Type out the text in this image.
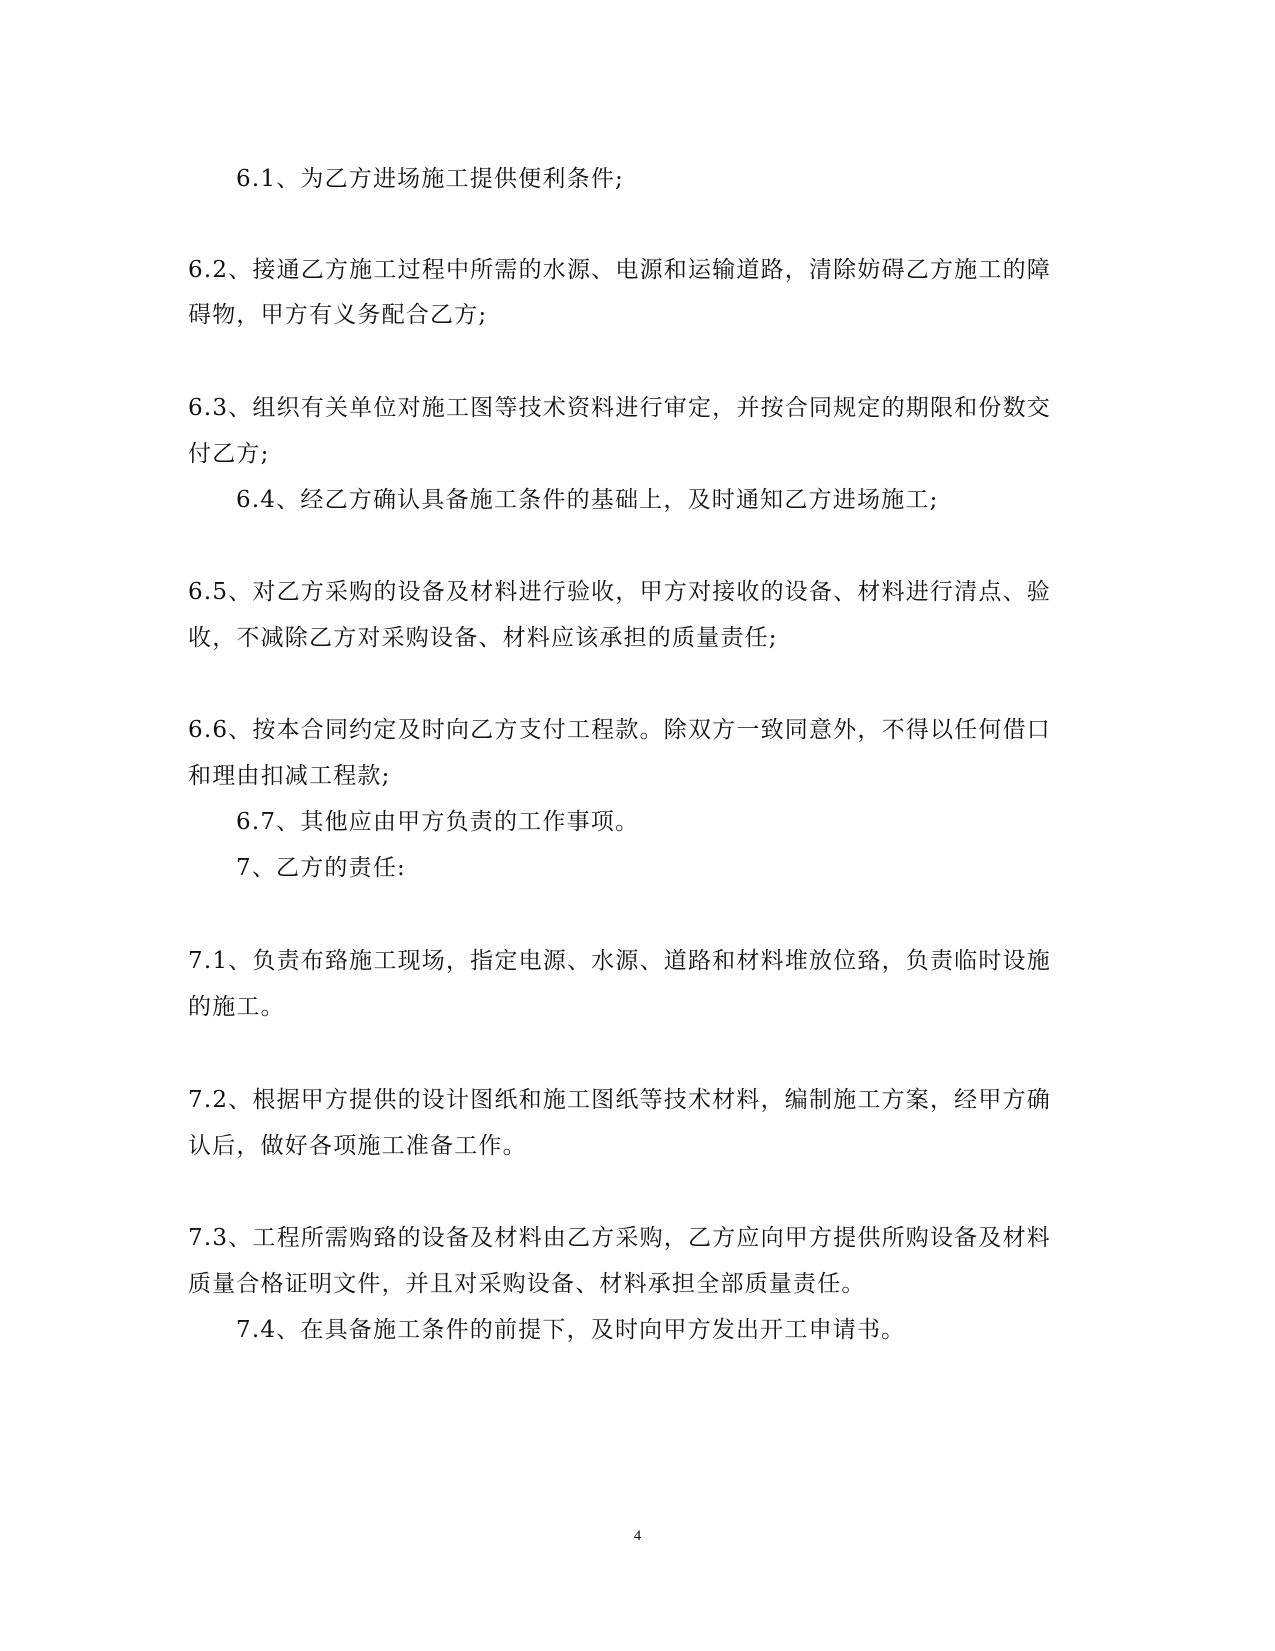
6.1、为乙方进场施工提供便利条件;
6.2、接通乙方施工过程中所需的水源、电源和运输道路，清除妨碍乙方施工的障
碍物，甲方有义务配合乙方;
6.3、组织有关单位对施工图等技术资料进行审定，并按合同规定的期限和份数交
付乙方;
6.4、经乙方确认具备施工条件的基础上，及时通知乙方进场施工;
6.5、对乙方采购的设备及材料进行验收，甲方对接收的设备、材料进行清点、验
收，不减除乙方对采购设备、材料应该承担的质量责任;
6.6、按本合同约定及时向乙方支付工程款。除双方一致同意外，不得以任何借口
和理由扣减工程款;
6.7、其他应由甲方负责的工作事项。
7、乙方的责任:
7.1、负责布臵施工现场，指定电源、水源、道路和材料堆放位臵，负责临时设施
的施工。
7.2、根据甲方提供的设计图纸和施工图纸等技术材料，编制施工方案，经甲方确
认后，做好各项施工准备工作。
7.3、工程所需购臵的设备及材料由乙方采购，乙方应向甲方提供所购设备及材料
质量合格证明文件，并且对采购设备、材料承担全部质量责任。
7.4、在具备施工条件的前提下，及时向甲方发出开工申请书。
4
